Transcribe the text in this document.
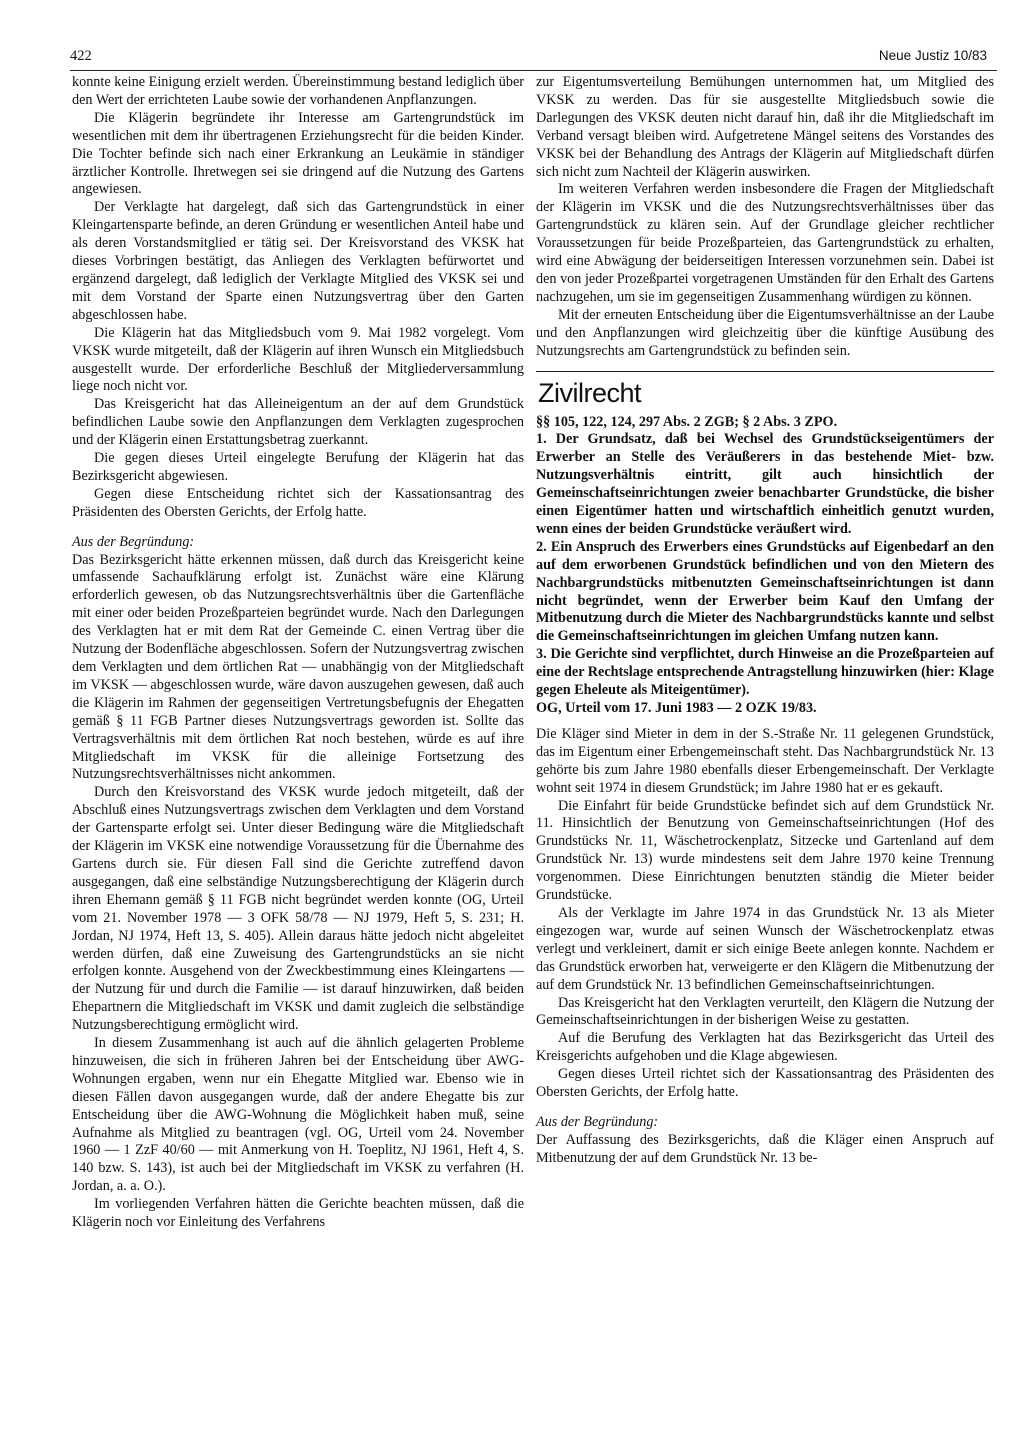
422	Neue Justiz 10/83

konnte keine Einigung erzielt werden. Übereinstimmung bestand lediglich über den Wert der errichteten Laube sowie der vorhandenen Anpflanzungen.

Die Klägerin begründete ihr Interesse am Gartengrundstück im wesentlichen mit dem ihr übertragenen Erziehungsrecht für die beiden Kinder. Die Tochter befinde sich nach einer Erkrankung an Leukämie in ständiger ärztlicher Kontrolle. Ihretwegen sei sie dringend auf die Nutzung des Gartens angewiesen.

Der Verklagte hat dargelegt, daß sich das Gartengrundstück in einer Kleingartensparte befinde, an deren Gründung er wesentlichen Anteil habe und als deren Vorstandsmitglied er tätig sei. Der Kreisvorstand des VKSK hat dieses Vorbringen bestätigt, das Anliegen des Verklagten befürwortet und ergänzend dargelegt, daß lediglich der Verklagte Mitglied des VKSK sei und mit dem Vorstand der Sparte einen Nutzungsvertrag über den Garten abgeschlossen habe.

Die Klägerin hat das Mitgliedsbuch vom 9. Mai 1982 vorgelegt. Vom VKSK wurde mitgeteilt, daß der Klägerin auf ihren Wunsch ein Mitgliedsbuch ausgestellt wurde. Der erforderliche Beschluß der Mitgliederversammlung liege noch nicht vor.

Das Kreisgericht hat das Alleineigentum an der auf dem Grundstück befindlichen Laube sowie den Anpflanzungen dem Verklagten zugesprochen und der Klägerin einen Erstattungsbetrag zuerkannt.

Die gegen dieses Urteil eingelegte Berufung der Klägerin hat das Bezirksgericht abgewiesen.

Gegen diese Entscheidung richtet sich der Kassationsantrag des Präsidenten des Obersten Gerichts, der Erfolg hatte.

Aus der Begründung:

Das Bezirksgericht hätte erkennen müssen, daß durch das Kreisgericht keine umfassende Sachaufklärung erfolgt ist. Zunächst wäre eine Klärung erforderlich gewesen, ob das Nutzungsrechtsverhältnis über die Gartenfläche mit einer oder beiden Prozeßparteien begründet wurde. Nach den Darlegungen des Verklagten hat er mit dem Rat der Gemeinde C. einen Vertrag über die Nutzung der Bodenfläche abgeschlossen. Sofern der Nutzungsvertrag zwischen dem Verklagten und dem örtlichen Rat — unabhängig von der Mitgliedschaft im VKSK — abgeschlossen wurde, wäre davon auszugehen gewesen, daß auch die Klägerin im Rahmen der gegenseitigen Vertretungsbefugnis der Ehegatten gemäß § 11 FGB Partner dieses Nutzungsvertrags geworden ist. Sollte das Vertragsverhältnis mit dem örtlichen Rat noch bestehen, würde es auf ihre Mitgliedschaft im VKSK für die alleinige Fortsetzung des Nutzungsrechtsverhältnisses nicht ankommen.

Durch den Kreisvorstand des VKSK wurde jedoch mitgeteilt, daß der Abschluß eines Nutzungsvertrags zwischen dem Verklagten und dem Vorstand der Gartensparte erfolgt sei. Unter dieser Bedingung wäre die Mitgliedschaft der Klägerin im VKSK eine notwendige Voraussetzung für die Übernahme des Gartens durch sie. Für diesen Fall sind die Gerichte zutreffend davon ausgegangen, daß eine selbständige Nutzungsberechtigung der Klägerin durch ihren Ehemann gemäß § 11 FGB nicht begründet werden konnte (OG, Urteil vom 21. November 1978 — 3 OFK 58/78 — NJ 1979, Heft 5, S. 231; H. Jordan, NJ 1974, Heft 13, S. 405). Allein daraus hätte jedoch nicht abgeleitet werden dürfen, daß eine Zuweisung des Gartengrundstücks an sie nicht erfolgen konnte. Ausgehend von der Zweckbestimmung eines Kleingartens — der Nutzung für und durch die Familie — ist darauf hinzuwirken, daß beiden Ehepartnern die Mitgliedschaft im VKSK und damit zugleich die selbständige Nutzungsberechtigung ermöglicht wird.

In diesem Zusammenhang ist auch auf die ähnlich gelagerten Probleme hinzuweisen, die sich in früheren Jahren bei der Entscheidung über AWG-Wohnungen ergaben, wenn nur ein Ehegatte Mitglied war. Ebenso wie in diesen Fällen davon ausgegangen wurde, daß der andere Ehegatte bis zur Entscheidung über die AWG-Wohnung die Möglichkeit haben muß, seine Aufnahme als Mitglied zu beantragen (vgl. OG, Urteil vom 24. November 1960 — 1 ZzF 40/60 — mit Anmerkung von H. Toeplitz, NJ 1961, Heft 4, S. 140 bzw. S. 143), ist auch bei der Mitgliedschaft im VKSK zu verfahren (H. Jordan, a. a. O.).

Im vorliegenden Verfahren hätten die Gerichte beachten müssen, daß die Klägerin noch vor Einleitung des Verfahrens

zur Eigentumsverteilung Bemühungen unternommen hat, um Mitglied des VKSK zu werden. Das für sie ausgestellte Mitgliedsbuch sowie die Darlegungen des VKSK deuten nicht darauf hin, daß ihr die Mitgliedschaft im Verband versagt bleiben wird. Aufgetretene Mängel seitens des Vorstandes des VKSK bei der Behandlung des Antrags der Klägerin auf Mitgliedschaft dürfen sich nicht zum Nachteil der Klägerin auswirken.

Im weiteren Verfahren werden insbesondere die Fragen der Mitgliedschaft der Klägerin im VKSK und die des Nutzungsrechtsverhältnisses über das Gartengrundstück zu klären sein. Auf der Grundlage gleicher rechtlicher Voraussetzungen für beide Prozeßparteien, das Gartengrundstück zu erhalten, wird eine Abwägung der beiderseitigen Interessen vorzunehmen sein. Dabei ist den von jeder Prozeßpartei vorgetragenen Umständen für den Erhalt des Gartens nachzugehen, um sie im gegenseitigen Zusammenhang würdigen zu können.

Mit der erneuten Entscheidung über die Eigentumsverhältnisse an der Laube und den Anpflanzungen wird gleichzeitig über die künftige Ausübung des Nutzungsrechts am Gartengrundstück zu befinden sein.

Zivilrecht

§§ 105, 122, 124, 297 Abs. 2 ZGB; § 2 Abs. 3 ZPO.

1. Der Grundsatz, daß bei Wechsel des Grundstückseigentümers der Erwerber an Stelle des Veräußerers in das bestehende Miet- bzw. Nutzungsverhältnis eintritt, gilt auch hinsichtlich der Gemeinschaftseinrichtungen zweier benachbarter Grundstücke, die bisher einen Eigentümer hatten und wirtschaftlich einheitlich genutzt wurden, wenn eines der beiden Grundstücke veräußert wird.

2. Ein Anspruch des Erwerbers eines Grundstücks auf Eigenbedarf an den auf dem erworbenen Grundstück befindlichen und von den Mietern des Nachbargrundstücks mitbenutzten Gemeinschaftseinrichtungen ist dann nicht begründet, wenn der Erwerber beim Kauf den Umfang der Mitbenutzung durch die Mieter des Nachbargrundstücks kannte und selbst die Gemeinschaftseinrichtungen im gleichen Umfang nutzen kann.

3. Die Gerichte sind verpflichtet, durch Hinweise an die Prozeßparteien auf eine der Rechtslage entsprechende Antragstellung hinzuwirken (hier: Klage gegen Eheleute als Miteigentümer).

OG, Urteil vom 17. Juni 1983 — 2 OZK 19/83.

Die Kläger sind Mieter in dem in der S.-Straße Nr. 11 gelegenen Grundstück, das im Eigentum einer Erbengemeinschaft steht. Das Nachbargrundstück Nr. 13 gehörte bis zum Jahre 1980 ebenfalls dieser Erbengemeinschaft. Der Verklagte wohnt seit 1974 in diesem Grundstück; im Jahre 1980 hat er es gekauft.

Die Einfahrt für beide Grundstücke befindet sich auf dem Grundstück Nr. 11. Hinsichtlich der Benutzung von Gemeinschaftseinrichtungen (Hof des Grundstücks Nr. 11, Wäschetrockenplatz, Sitzecke und Gartenland auf dem Grundstück Nr. 13) wurde mindestens seit dem Jahre 1970 keine Trennung vorgenommen. Diese Einrichtungen benutzten ständig die Mieter beider Grundstücke.

Als der Verklagte im Jahre 1974 in das Grundstück Nr. 13 als Mieter eingezogen war, wurde auf seinen Wunsch der Wäschetrockenplatz etwas verlegt und verkleinert, damit er sich einige Beete anlegen konnte. Nachdem er das Grundstück erworben hat, verweigerte er den Klägern die Mitbenutzung der auf dem Grundstück Nr. 13 befindlichen Gemeinschaftseinrichtungen.

Das Kreisgericht hat den Verklagten verurteilt, den Klägern die Nutzung der Gemeinschaftseinrichtungen in der bisherigen Weise zu gestatten.

Auf die Berufung des Verklagten hat das Bezirksgericht das Urteil des Kreisgerichts aufgehoben und die Klage abgewiesen.

Gegen dieses Urteil richtet sich der Kassationsantrag des Präsidenten des Obersten Gerichts, der Erfolg hatte.

Aus der Begründung:

Der Auffassung des Bezirksgerichts, daß die Kläger einen Anspruch auf Mitbenutzung der auf dem Grundstück Nr. 13 be-
